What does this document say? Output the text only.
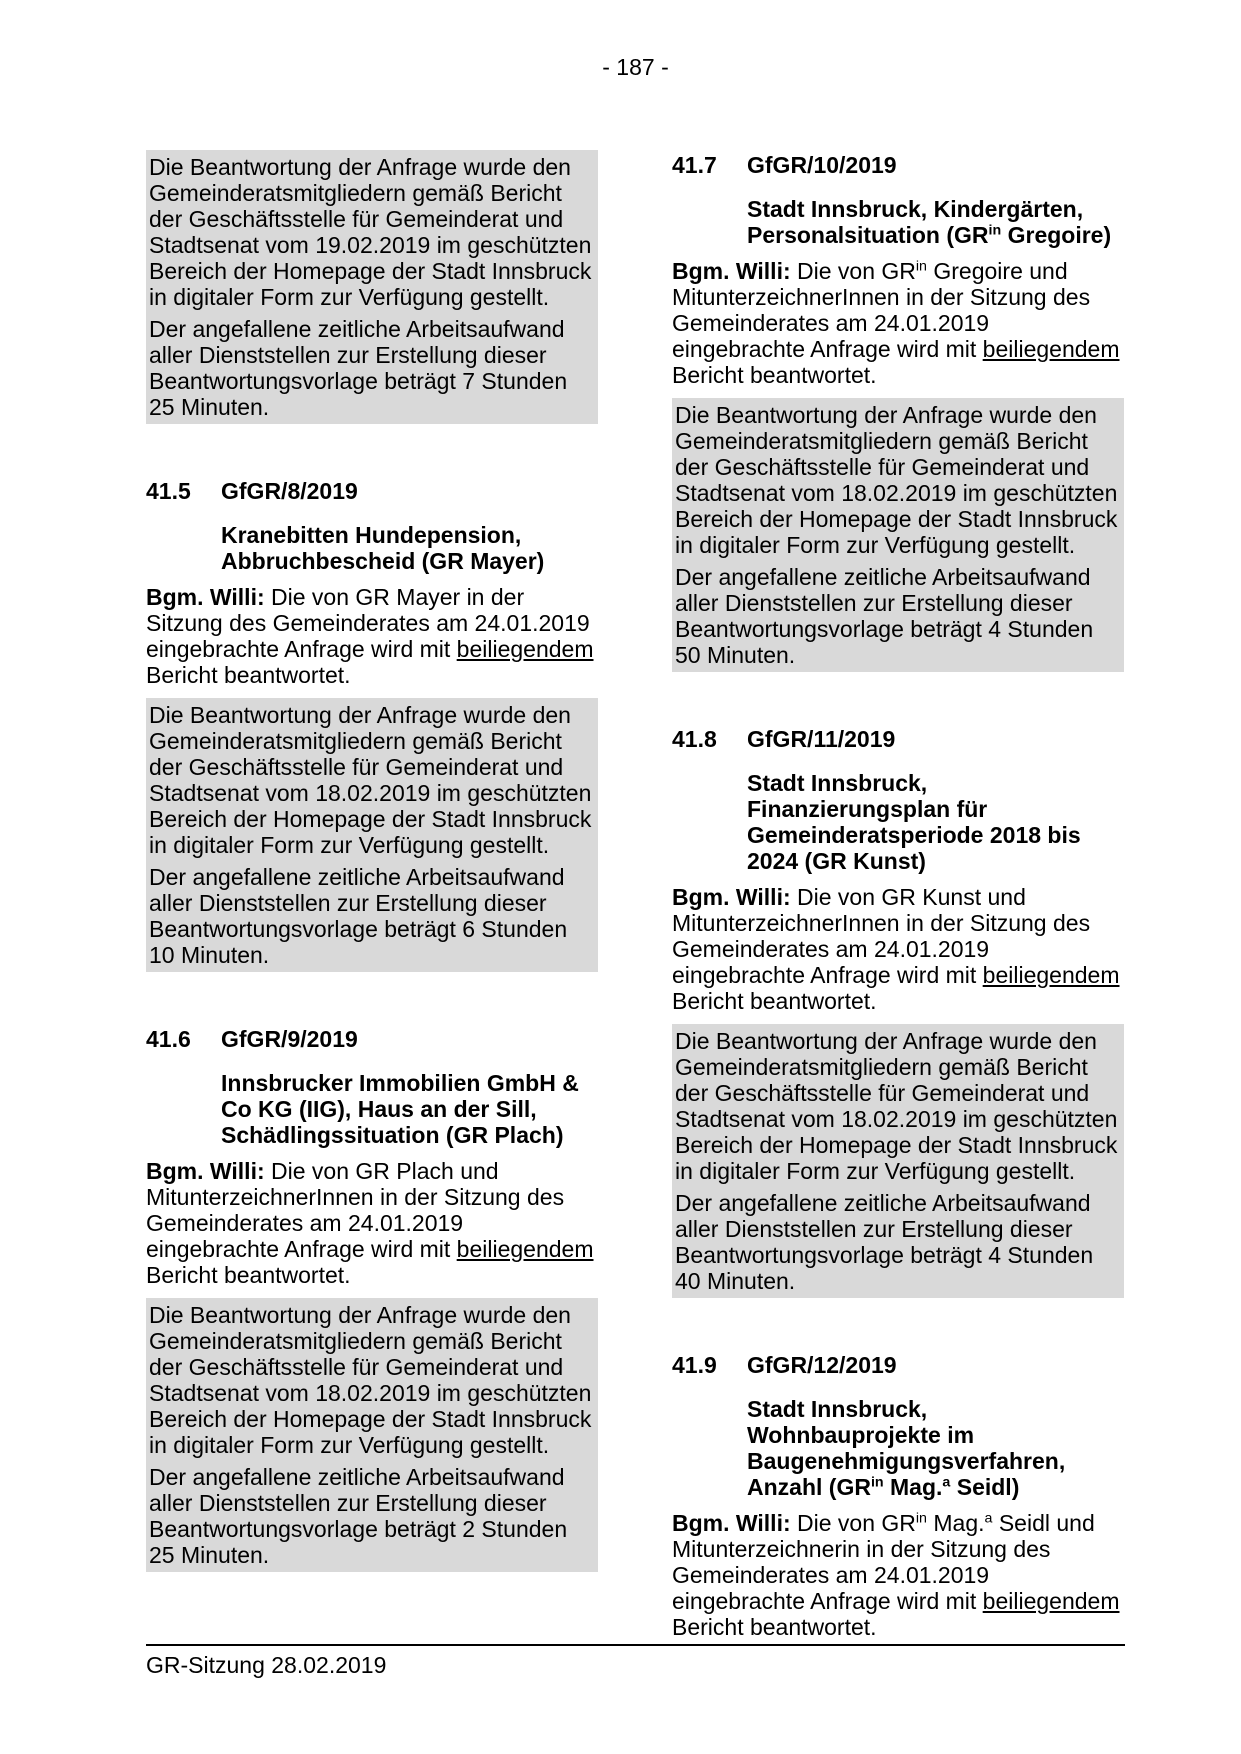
- 187 -

Die Beantwortung der Anfrage wurde den Gemeinderatsmitgliedern gemäß Bericht der Geschäftsstelle für Gemeinderat und Stadtsenat vom 19.02.2019 im geschützten Bereich der Homepage der Stadt Innsbruck in digitaler Form zur Verfügung gestellt.

Der angefallene zeitliche Arbeitsaufwand aller Dienststellen zur Erstellung dieser Beantwortungsvorlage beträgt 7 Stunden 25 Minuten.

41.5	GfGR/8/2019
Kranebitten Hundepension, Abbruchbescheid (GR Mayer)

Bgm. Willi: Die von GR Mayer in der Sitzung des Gemeinderates am 24.01.2019 eingebrachte Anfrage wird mit beiliegendem Bericht beantwortet.

Die Beantwortung der Anfrage wurde den Gemeinderatsmitgliedern gemäß Bericht der Geschäftsstelle für Gemeinderat und Stadtsenat vom 18.02.2019 im geschützten Bereich der Homepage der Stadt Innsbruck in digitaler Form zur Verfügung gestellt.

Der angefallene zeitliche Arbeitsaufwand aller Dienststellen zur Erstellung dieser Beantwortungsvorlage beträgt 6 Stunden 10 Minuten.

41.6	GfGR/9/2019
Innsbrucker Immobilien GmbH & Co KG (IIG), Haus an der Sill, Schädlingssituation (GR Plach)

Bgm. Willi: Die von GR Plach und MitunterzeichnerInnen in der Sitzung des Gemeinderates am 24.01.2019 eingebrachte Anfrage wird mit beiliegendem Bericht beantwortet.

Die Beantwortung der Anfrage wurde den Gemeinderatsmitgliedern gemäß Bericht der Geschäftsstelle für Gemeinderat und Stadtsenat vom 18.02.2019 im geschützten Bereich der Homepage der Stadt Innsbruck in digitaler Form zur Verfügung gestellt.

Der angefallene zeitliche Arbeitsaufwand aller Dienststellen zur Erstellung dieser Beantwortungsvorlage beträgt 2 Stunden 25 Minuten.

41.7	GfGR/10/2019
Stadt Innsbruck, Kindergärten, Personalsituation ($GR^{in}$ Gregoire)

Bgm. Willi: Die von $GR^{in}$ Gregoire und MitunterzeichnerInnen in der Sitzung des Gemeinderates am 24.01.2019 eingebrachte Anfrage wird mit beiliegendem Bericht beantwortet.

Die Beantwortung der Anfrage wurde den Gemeinderatsmitgliedern gemäß Bericht der Geschäftsstelle für Gemeinderat und Stadtsenat vom 18.02.2019 im geschützten Bereich der Homepage der Stadt Innsbruck in digitaler Form zur Verfügung gestellt.

Der angefallene zeitliche Arbeitsaufwand aller Dienststellen zur Erstellung dieser Beantwortungsvorlage beträgt 4 Stunden 50 Minuten.

41.8	GfGR/11/2019
Stadt Innsbruck, Finanzierungsplan für Gemeinderatsperiode 2018 bis 2024 (GR Kunst)

Bgm. Willi: Die von GR Kunst und MitunterzeichnerInnen in der Sitzung des Gemeinderates am 24.01.2019 eingebrachte Anfrage wird mit beiliegendem Bericht beantwortet.

Die Beantwortung der Anfrage wurde den Gemeinderatsmitgliedern gemäß Bericht der Geschäftsstelle für Gemeinderat und Stadtsenat vom 18.02.2019 im geschützten Bereich der Homepage der Stadt Innsbruck in digitaler Form zur Verfügung gestellt.

Der angefallene zeitliche Arbeitsaufwand aller Dienststellen zur Erstellung dieser Beantwortungsvorlage beträgt 4 Stunden 40 Minuten.

41.9	GfGR/12/2019
Stadt Innsbruck, Wohnbauprojekte im Baugenehmigungsverfahren, Anzahl ($GR^{in}$ Mag.$^a$ Seidl)

Bgm. Willi: Die von $GR^{in}$ Mag.$^a$ Seidl und Mitunterzeichnerin in der Sitzung des Gemeinderates am 24.01.2019 eingebrachte Anfrage wird mit beiliegendem Bericht beantwortet.

GR-Sitzung 28.02.2019
